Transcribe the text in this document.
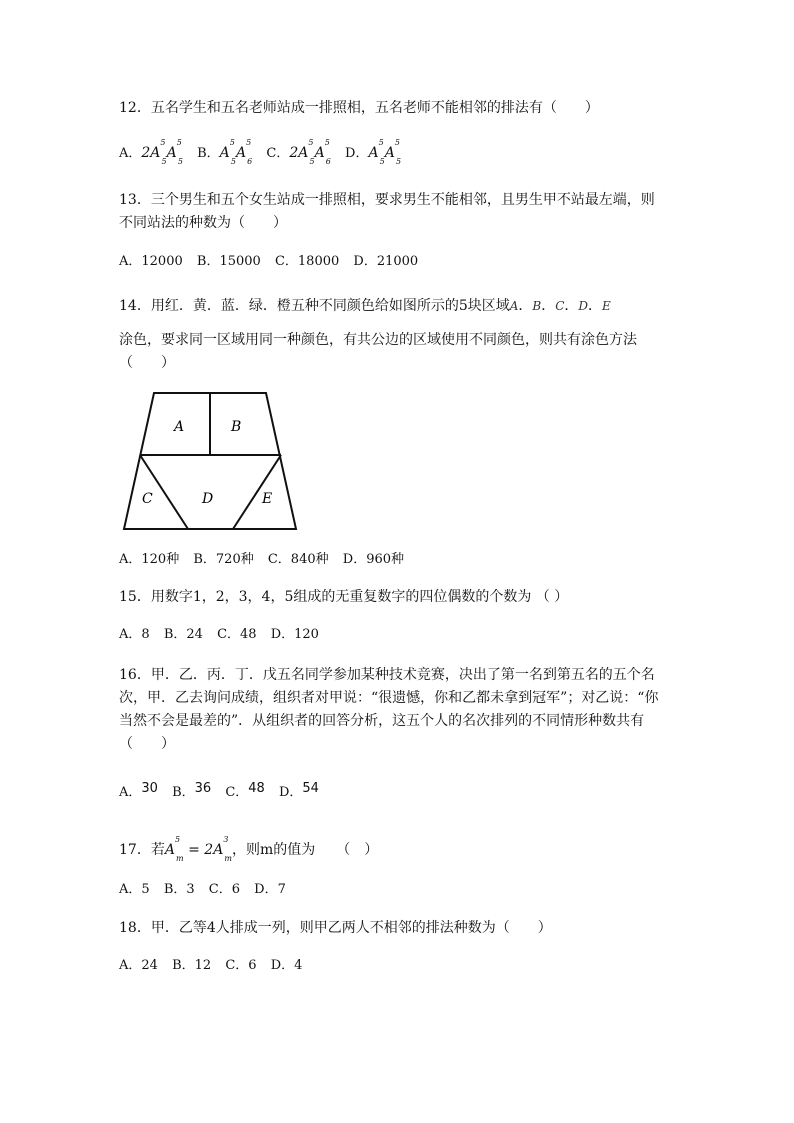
12．五名学生和五名老师站成一排照相，五名老师不能相邻的排法有（　　）
A．$2A^5_5A^5_5$ B．$A^5_5A^5_6$ C．$2A^5_5A^5_6$ D．$A^5_5A^5_5$
13．三个男生和五个女生站成一排照相，要求男生不能相邻，且男生甲不站最左端，则
不同站法的种数为（　　）
A．12000 B．15000 C．18000 D．21000
14．用红．黄．蓝．绿．橙五种不同颜色给如图所示的5块区域A．B．C．D．E
涂色，要求同一区域用同一种颜色，有共公边的区域使用不同颜色，则共有涂色方法
（　　）
A	B
C	D	E
A．120种 B．720种 C．840种 D．960种
15．用数字1，2，3，4，5组成的无重复数字的四位偶数的个数为 （ ）
A．8 B．24 C．48 D．120
16．甲．乙．丙．丁．戊五名同学参加某种技术竞赛，决出了第一名到第五名的五个名
次，甲．乙去询问成绩，组织者对甲说：“很遗憾，你和乙都未拿到冠军”；对乙说：“你
当然不会是最差的”．从组织者的回答分析，这五个人的名次排列的不同情形种数共有
（　　）
A．30 B．36 C．48 D．54
17．若$A^5_m = 2A^3_m$，则m的值为　　（　）
A．5 B．3 C．6 D．7
18．甲．乙等4人排成一列，则甲乙两人不相邻的排法种数为（　　）
A．24 B．12 C．6 D．4
